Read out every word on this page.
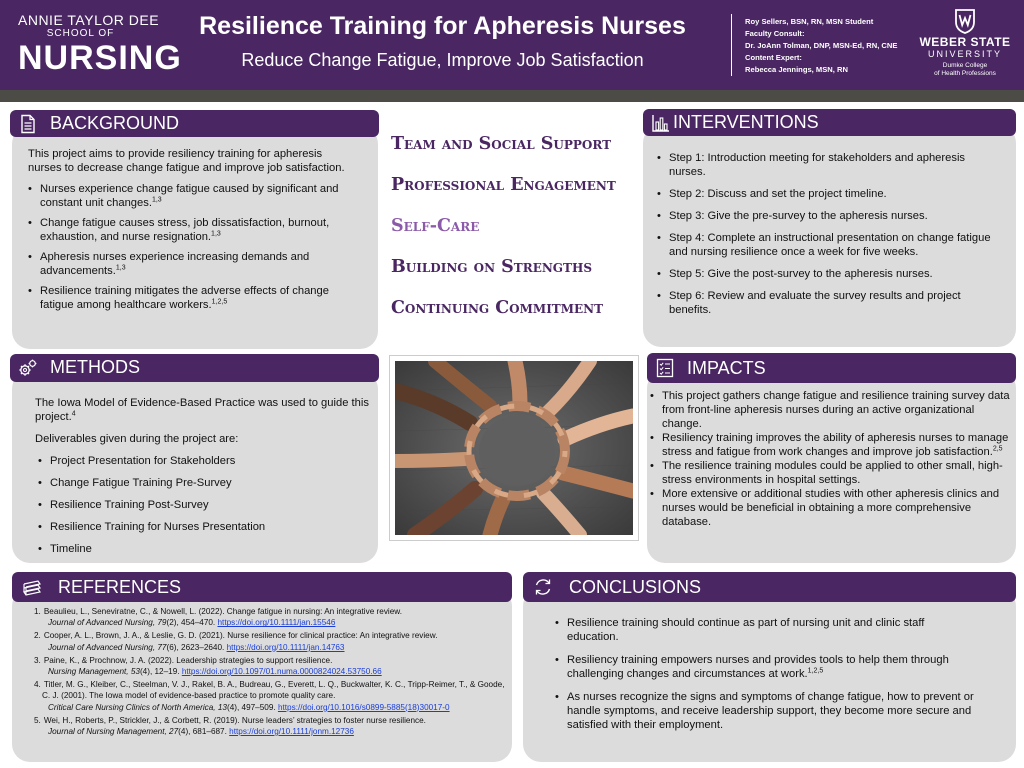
ANNIE TAYLOR DEE
SCHOOL OF
NURSING
Resilience Training for Apheresis Nurses
Reduce Change Fatigue, Improve Job Satisfaction
Roy Sellers, BSN, RN, MSN Student
Faculty Consult:
Dr. JoAnn Tolman, DNP, MSN-Ed, RN, CNE
Content Expert:
Rebecca Jennings, MSN, RN
WEBER STATE
UNIVERSITY
Dumke College
of Health Professions
BACKGROUND
This project aims to provide resiliency training for apheresis nurses to decrease change fatigue and improve job satisfaction.
• Nurses experience change fatigue caused by significant and constant unit changes.$^{1,3}$
• Change fatigue causes stress, job dissatisfaction, burnout, exhaustion, and nurse resignation.$^{1,3}$
• Apheresis nurses experience increasing demands and advancements.$^{1,3}$
• Resilience training mitigates the adverse effects of change fatigue among healthcare workers.$^{1,2,5}$
Team and Social Support
Professional Engagement
Self-Care
Building on Strengths
Continuing Commitment
INTERVENTIONS
• Step 1: Introduction meeting for stakeholders and apheresis nurses.
• Step 2: Discuss and set the project timeline.
• Step 3: Give the pre-survey to the apheresis nurses.
• Step 4: Complete an instructional presentation on change fatigue and nursing resilience once a week for five weeks.
• Step 5: Give the post-survey to the apheresis nurses.
• Step 6: Review and evaluate the survey results and project benefits.
METHODS
The Iowa Model of Evidence-Based Practice was used to guide this project.$^4$
Deliverables given during the project are:
• Project Presentation for Stakeholders
• Change Fatigue Training Pre-Survey
• Resilience Training Post-Survey
• Resilience Training for Nurses Presentation
• Timeline
IMPACTS
• This project gathers change fatigue and resilience training survey data from front-line apheresis nurses during an active organizational change.
• Resiliency training improves the ability of apheresis nurses to manage stress and fatigue from work changes and improve job satisfaction.$^{2,5}$
• The resilience training modules could be applied to other small, high-stress environments in hospital settings.
• More extensive or additional studies with other apheresis clinics and nurses would be beneficial in obtaining a more comprehensive database.
REFERENCES
1. Beaulieu, L., Seneviratne, C., & Nowell, L. (2022). Change fatigue in nursing: An integrative review.
Journal of Advanced Nursing, 79(2), 454–470. https://doi.org/10.1111/jan.15546
2. Cooper, A. L., Brown, J. A., & Leslie, G. D. (2021). Nurse resilience for clinical practice: An integrative review.
Journal of Advanced Nursing, 77(6), 2623–2640. https://doi.org/10.1111/jan.14763
3. Paine, K., & Prochnow, J. A. (2022). Leadership strategies to support resilience.
Nursing Management, 53(4), 12–19. https://doi.org/10.1097/01.numa.0000824024.53750.66
4. Titler, M. G., Kleiber, C., Steelman, V. J., Rakel, B. A., Budreau, G., Everett, L. Q., Buckwalter, K. C., Tripp-Reimer, T., & Goode, C. J. (2001). The Iowa model of evidence-based practice to promote quality care.
Critical Care Nursing Clinics of North America, 13(4), 497–509. https://doi.org/10.1016/s0899-5885(18)30017-0
5. Wei, H., Roberts, P., Strickler, J., & Corbett, R. (2019). Nurse leaders’ strategies to foster nurse resilience.
Journal of Nursing Management, 27(4), 681–687. https://doi.org/10.1111/jonm.12736
CONCLUSIONS
• Resilience training should continue as part of nursing unit and clinic staff education.
• Resiliency training empowers nurses and provides tools to help them through challenging changes and circumstances at work.$^{1,2,5}$
• As nurses recognize the signs and symptoms of change fatigue, how to prevent or handle symptoms, and receive leadership support, they become more secure and satisfied with their employment.
